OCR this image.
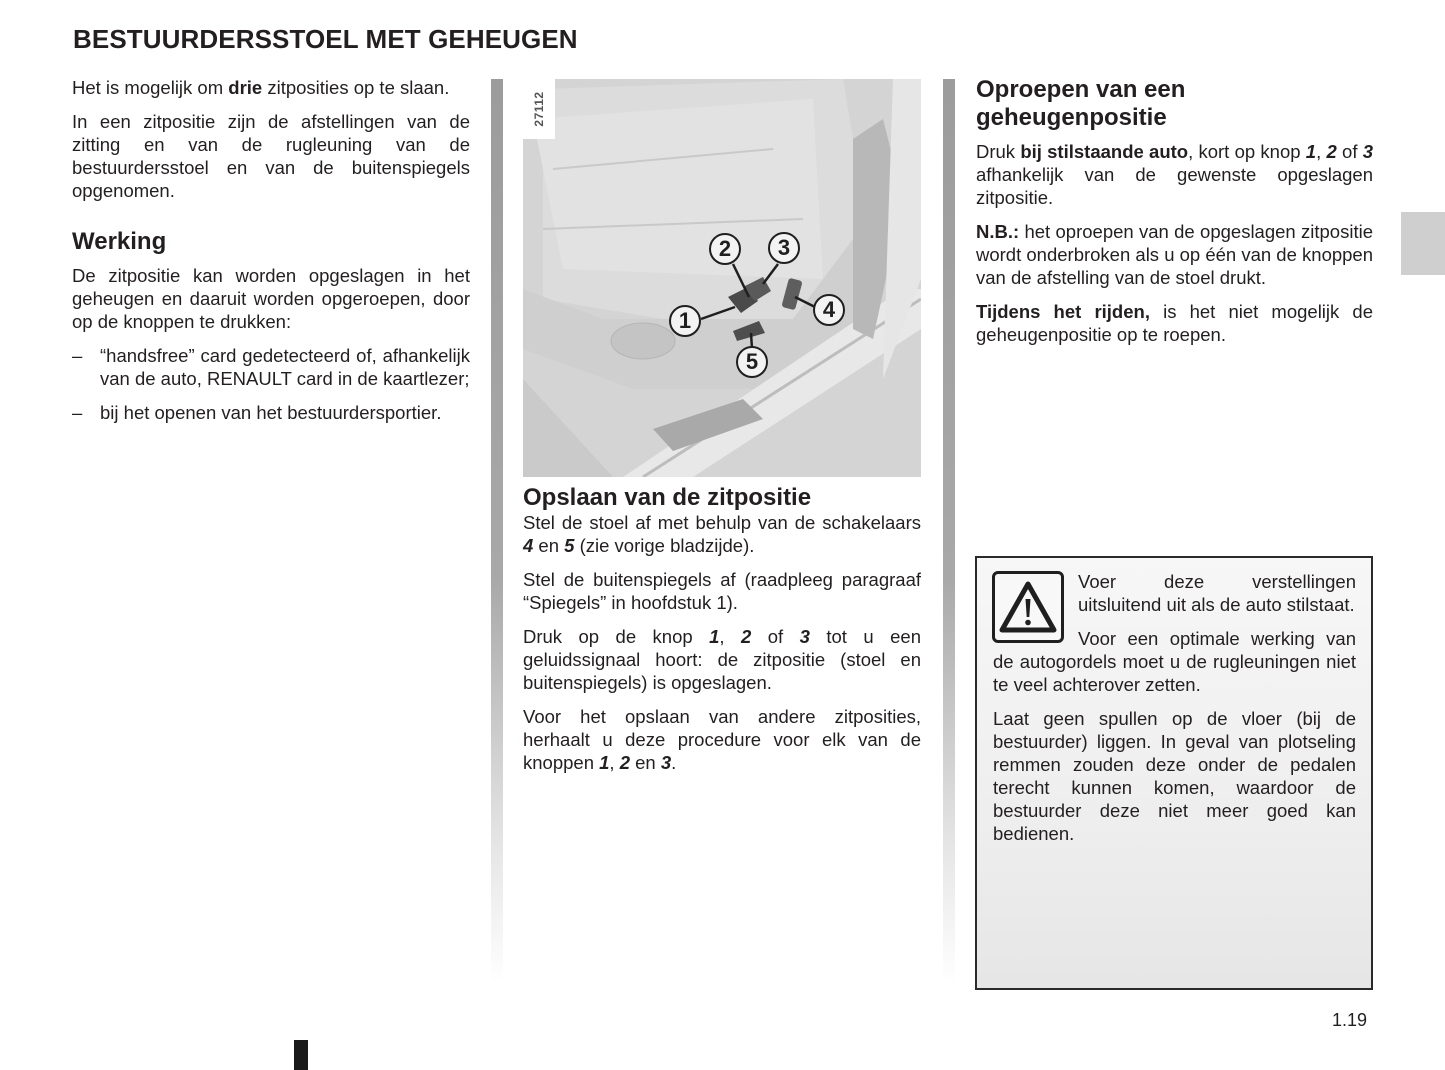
BESTUURDERSSTOEL MET GEHEUGEN

Het is mogelijk om drie zitposities op te slaan.

In een zitpositie zijn de afstellingen van de zitting en van de rugleuning van de bestuurdersstoel en van de buitenspiegels opgenomen.

Werking

De zitpositie kan worden opgeslagen in het geheugen en daaruit worden opgeroepen, door op de knoppen te drukken:

– “handsfree” card gedetecteerd of, afhankelijk van de auto, RENAULT card in de kaartlezer;
– bij het openen van het bestuurdersportier.
27112
1
2	3
4
5
Opslaan van de zitpositie

Stel de stoel af met behulp van de schakelaars 4 en 5 (zie vorige bladzijde).

Stel de buitenspiegels af (raadpleeg paragraaf “Spiegels” in hoofdstuk 1).

Druk op de knop 1, 2 of 3 tot u een geluidssignaal hoort: de zitpositie (stoel en buitenspiegels) is opgeslagen.

Voor het opslaan van andere zitposities, herhaalt u deze procedure voor elk van de knoppen 1, 2 en 3.

Oproepen van een geheugenpositie

Druk bij stilstaande auto, kort op knop 1, 2 of 3 afhankelijk van de gewenste opgeslagen zitpositie.

N.B.: het oproepen van de opgeslagen zitpositie wordt onderbroken als u op één van de knoppen van de afstelling van de stoel drukt.

Tijdens het rijden, is het niet mogelijk de geheugenpositie op te roepen.

Voer deze verstellingen uitsluitend uit als de auto stilstaat.

Voor een optimale werking van de autogordels moet u de rugleuningen niet te veel achterover zetten.

Laat geen spullen op de vloer (bij de bestuurder) liggen. In geval van plotseling remmen zouden deze onder de pedalen terecht kunnen komen, waardoor de bestuurder deze niet meer goed kan bedienen.

1.19
